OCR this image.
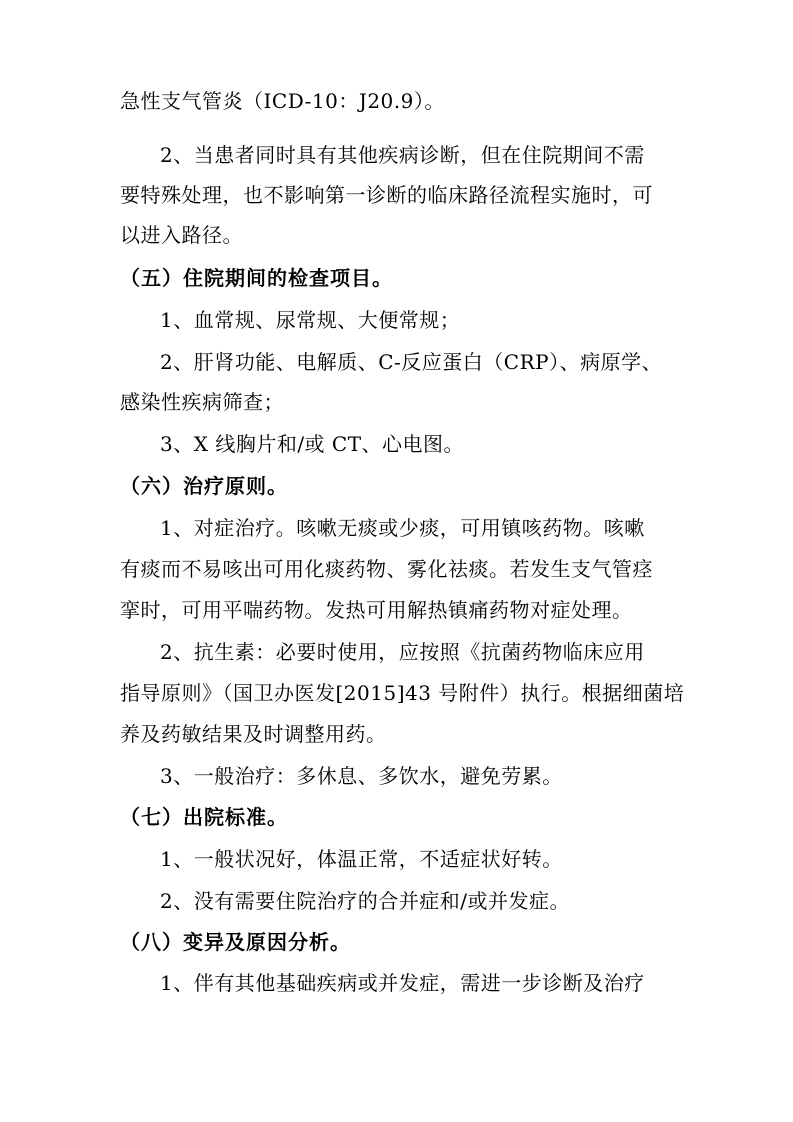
急性支气管炎（ICD-10：J20.9）。
2、当患者同时具有其他疾病诊断，但在住院期间不需
要特殊处理，也不影响第一诊断的临床路径流程实施时，可
以进入路径。
（五）住院期间的检查项目。
1、血常规、尿常规、大便常规；
2、肝肾功能、电解质、C-反应蛋白（CRP）、病原学、
感染性疾病筛查；
3、X 线胸片和/或 CT、心电图。
（六）治疗原则。
1、对症治疗。咳嗽无痰或少痰，可用镇咳药物。咳嗽
有痰而不易咳出可用化痰药物、雾化祛痰。若发生支气管痉
挛时，可用平喘药物。发热可用解热镇痛药物对症处理。
2、抗生素：必要时使用，应按照《抗菌药物临床应用
指导原则》（国卫办医发[2015]43 号附件）执行。根据细菌培
养及药敏结果及时调整用药。
3、一般治疗：多休息、多饮水，避免劳累。
（七）出院标准。
1、一般状况好，体温正常，不适症状好转。
2、没有需要住院治疗的合并症和/或并发症。
（八）变异及原因分析。
1、伴有其他基础疾病或并发症，需进一步诊断及治疗
